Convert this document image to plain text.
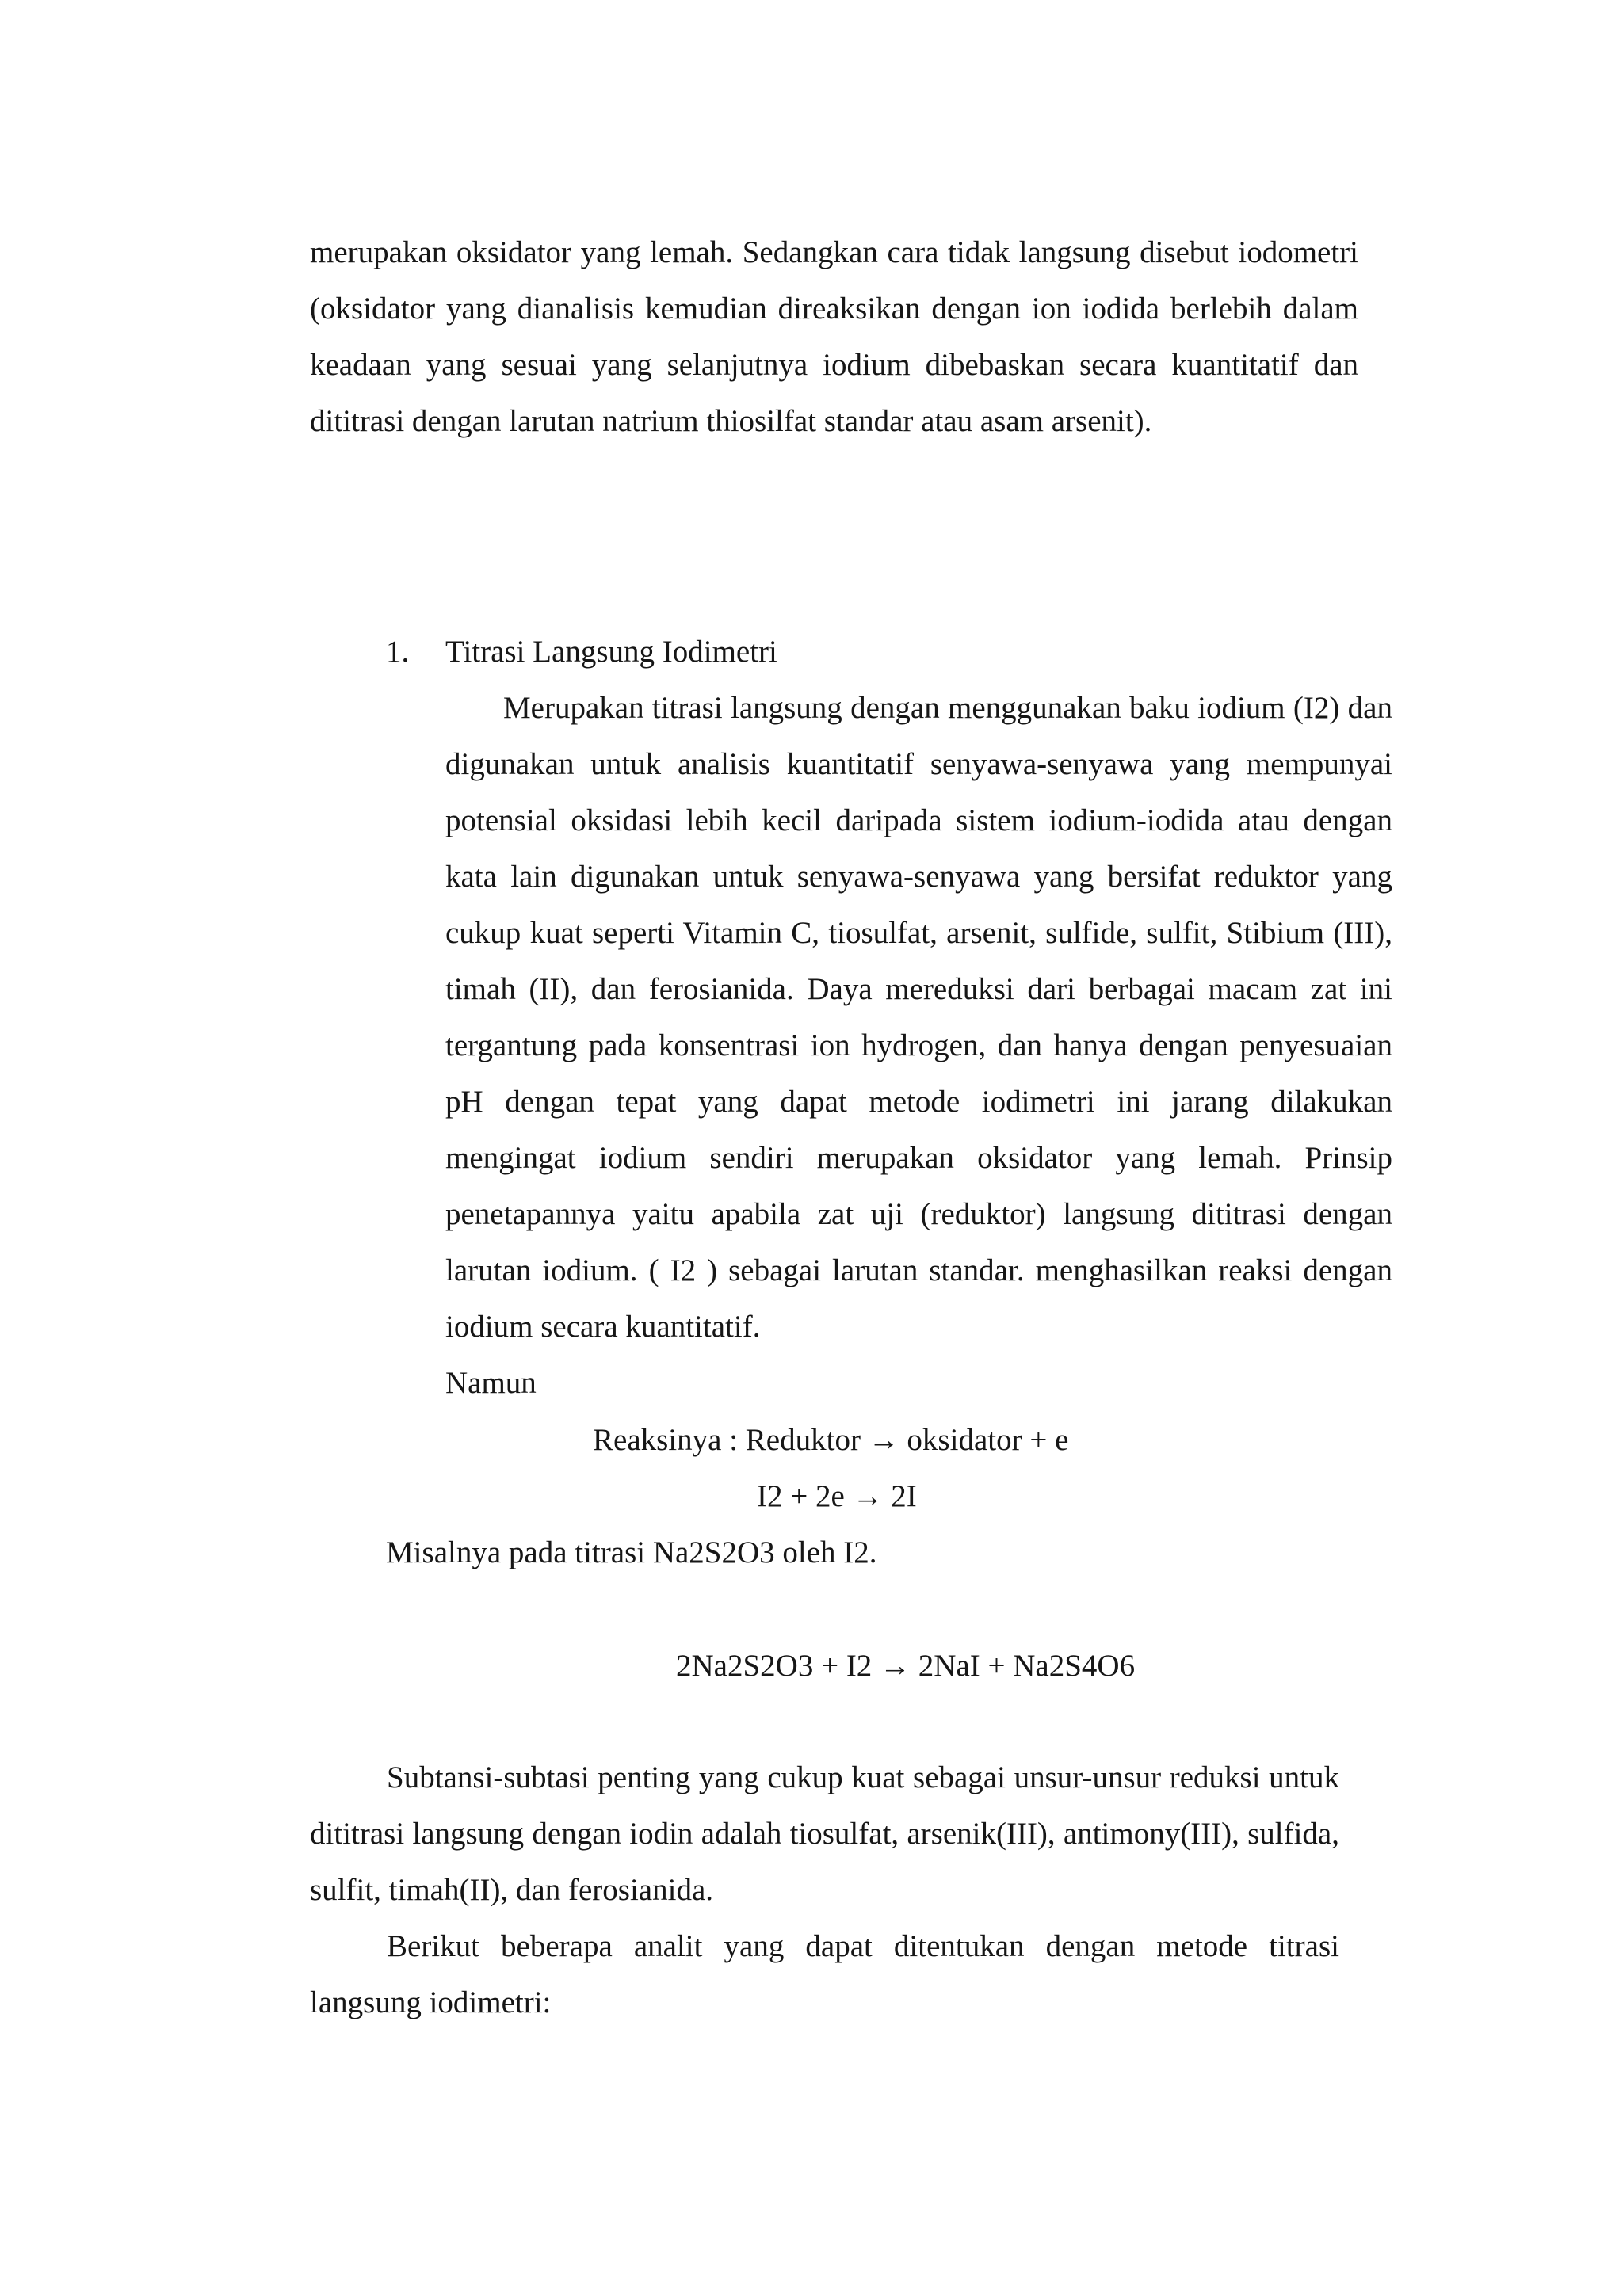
merupakan oksidator yang lemah. Sedangkan cara tidak langsung disebut iodometri (oksidator yang dianalisis kemudian direaksikan dengan ion iodida berlebih dalam keadaan yang sesuai yang selanjutnya iodium dibebaskan secara kuantitatif dan dititrasi dengan larutan natrium thiosilfat standar atau asam arsenit).

1. Titrasi Langsung Iodimetri

Merupakan titrasi langsung dengan menggunakan baku iodium (I2) dan digunakan untuk analisis kuantitatif senyawa-senyawa yang mempunyai potensial oksidasi lebih kecil daripada sistem iodium-iodida atau dengan kata lain digunakan untuk senyawa-senyawa yang bersifat reduktor yang cukup kuat seperti Vitamin C, tiosulfat, arsenit, sulfide, sulfit, Stibium (III), timah (II), dan ferosianida. Daya mereduksi dari berbagai macam zat ini tergantung pada konsentrasi ion hydrogen, dan hanya dengan penyesuaian pH dengan tepat yang dapat metode iodimetri ini jarang dilakukan mengingat iodium sendiri merupakan oksidator yang lemah. Prinsip penetapannya yaitu apabila zat uji (reduktor) langsung dititrasi dengan larutan iodium. ( I2 ) sebagai larutan standar. menghasilkan reaksi dengan iodium secara kuantitatif.

Namun

Reaksinya : Reduktor → oksidator + e
I2 + 2e → 2I
Misalnya pada titrasi Na2S2O3 oleh I2.
2Na2S2O3 + I2 → 2NaI + Na2S4O6

Subtansi-subtasi penting yang cukup kuat sebagai unsur-unsur reduksi untuk dititrasi langsung dengan iodin adalah tiosulfat, arsenik(III), antimony(III), sulfida, sulfit, timah(II), dan ferosianida.

Berikut beberapa analit yang dapat ditentukan dengan metode titrasi langsung iodimetri:
